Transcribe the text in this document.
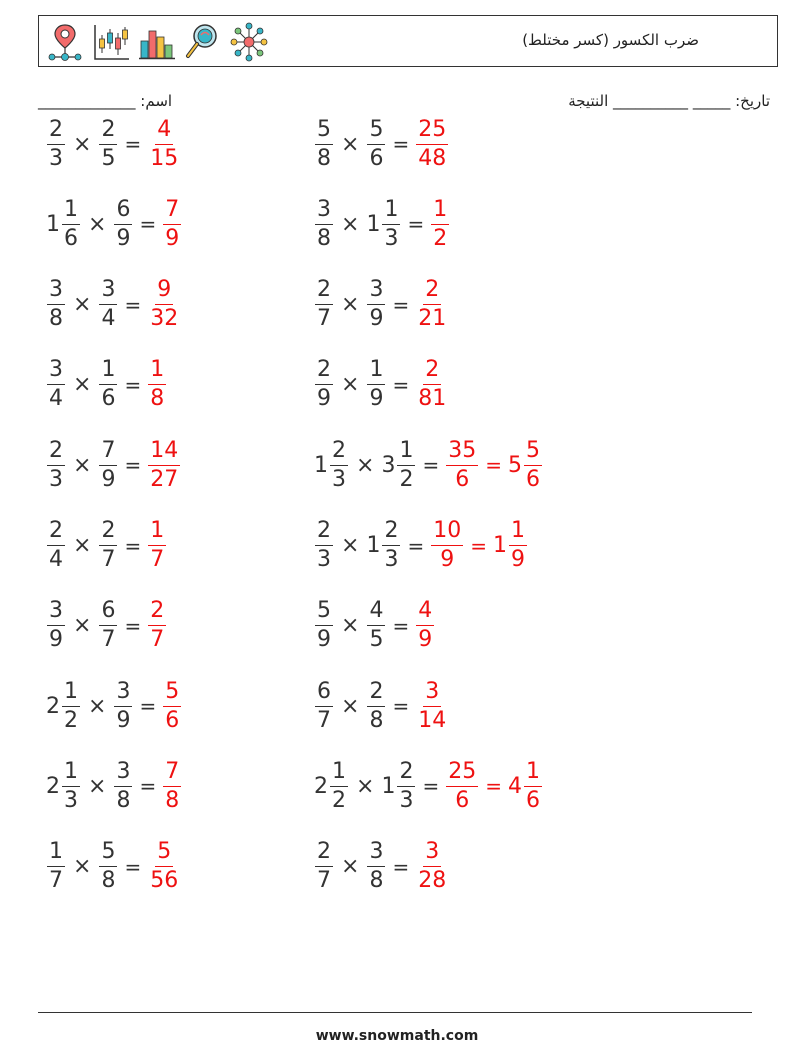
ضرب الكسور (كسر مختلط)
اسم: _____________	تاريخ: _____ __________ النتيجة
$\frac{2}{3} \times \frac{2}{5} = \frac{4}{15}$	$\frac{5}{8} \times \frac{5}{6} = \frac{25}{48}$
$1 \frac{1}{6} \times \frac{6}{9} = \frac{7}{9}$	$\frac{3}{8} \times 1 \frac{1}{3} = \frac{1}{2}$
$\frac{3}{8} \times \frac{3}{4} = \frac{9}{32}$	$\frac{2}{7} \times \frac{3}{9} = \frac{2}{21}$
$\frac{3}{4} \times \frac{1}{6} = \frac{1}{8}$	$\frac{2}{9} \times \frac{1}{9} = \frac{2}{81}$
$\frac{2}{3} \times \frac{7}{9} = \frac{14}{27}$	$1 \frac{2}{3} \times 3 \frac{1}{2} = \frac{35}{6} = 5 \frac{5}{6}$
$\frac{2}{4} \times \frac{2}{7} = \frac{1}{7}$	$\frac{2}{3} \times 1 \frac{2}{3} = \frac{10}{9} = 1 \frac{1}{9}$
$\frac{3}{9} \times \frac{6}{7} = \frac{2}{7}$	$\frac{5}{9} \times \frac{4}{5} = \frac{4}{9}$
$2 \frac{1}{2} \times \frac{3}{9} = \frac{5}{6}$	$\frac{6}{7} \times \frac{2}{8} = \frac{3}{14}$
$2 \frac{1}{3} \times \frac{3}{8} = \frac{7}{8}$	$2 \frac{1}{2} \times 1 \frac{2}{3} = \frac{25}{6} = 4 \frac{1}{6}$
$\frac{1}{7} \times \frac{5}{8} = \frac{5}{56}$	$\frac{2}{7} \times \frac{3}{8} = \frac{3}{28}$
www.snowmath.com
